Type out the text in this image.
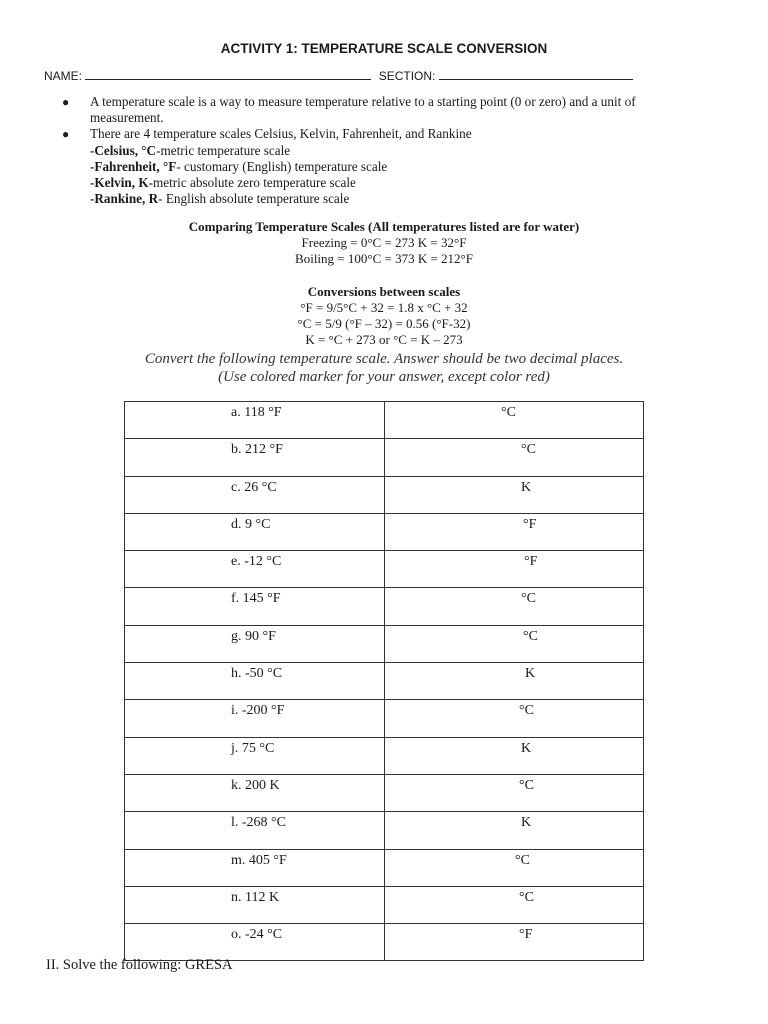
ACTIVITY 1: TEMPERATURE SCALE CONVERSION
NAME:	SECTION:
●	A temperature scale is a way to measure temperature relative to a starting point (0 or zero) and a unit of
measurement.
●	There are 4 temperature scales Celsius, Kelvin, Fahrenheit, and Rankine
-Celsius, °C-metric temperature scale
-Fahrenheit, °F- customary (English) temperature scale
-Kelvin, K-metric absolute zero temperature scale
-Rankine, R- English absolute temperature scale
Comparing Temperature Scales (All temperatures listed are for water)
Freezing = 0°C = 273 K = 32°F
Boiling = 100°C = 373 K = 212°F
Conversions between scales
°F = 9/5°C + 32 = 1.8 x °C + 32
°C = 5/9 (°F – 32) = 0.56 (°F-32)
K = °C + 273 or °C = K – 273
Convert the following temperature scale. Answer should be two decimal places.
(Use colored marker for your answer, except color red)
a. 118 °F	°C
b. 212 °F	°C
c. 26 °C	K
d. 9 °C	°F
e. -12 °C	°F
f. 145 °F	°C
g. 90 °F	°C
h. -50 °C	K
i. -200 °F	°C
j. 75 °C	K
k. 200 K	°C
l. -268 °C	K
m. 405 °F	°C
n. 112 K	°C
o. -24 °C	°F
II. Solve the following: GRESA
